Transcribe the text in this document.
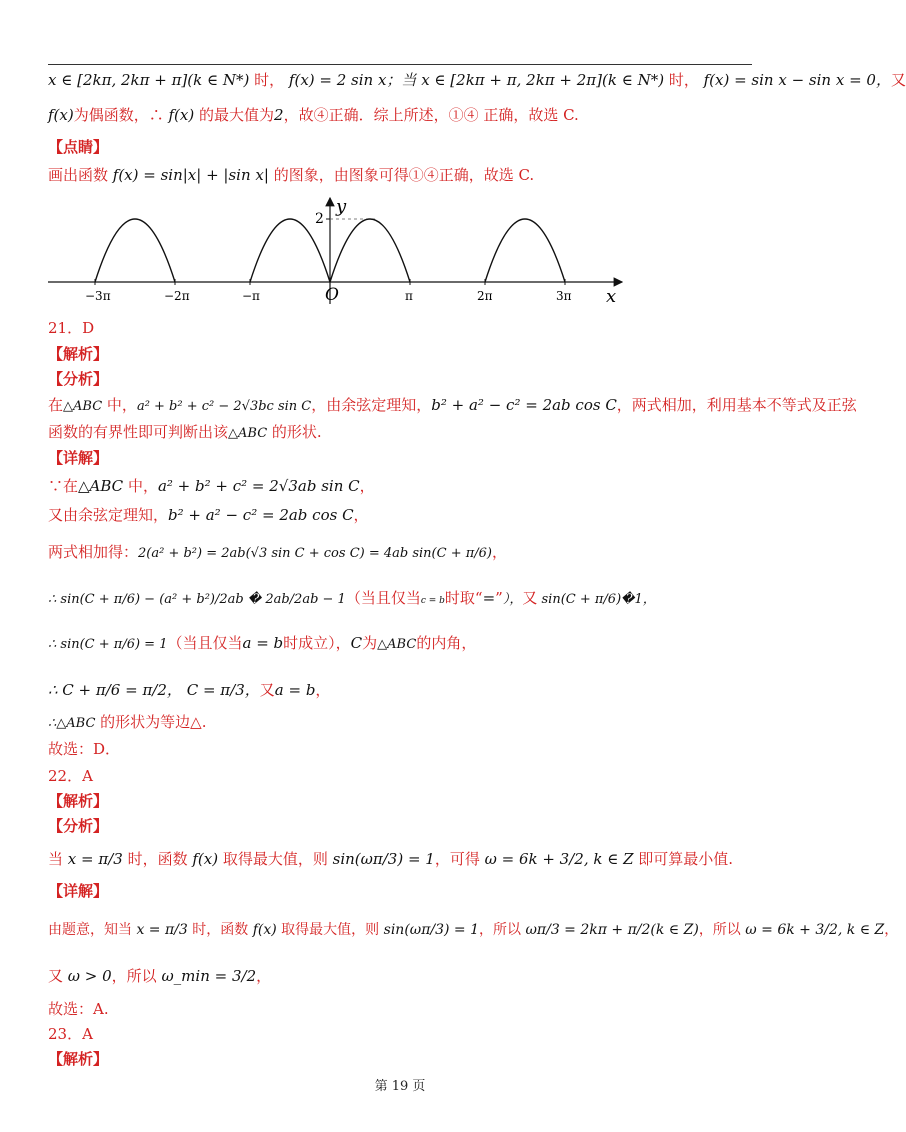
x ∈ [2kπ, 2kπ + π](k ∈ N*) 时， f(x) = 2 sin x；当 x ∈ [2kπ + π, 2kπ + 2π](k ∈ N*) 时， f(x) = sin x − sin x = 0，又
f(x)为偶函数，∴ f(x) 的最大值为2，故④正确．综上所述，①④ 正确，故选 C.
【点睛】
画出函数 f(x) = sin|x| + |sin x| 的图象，由图象可得①④正确，故选 C.
−3π	−2π	−π	π	2π	3π
2
x
y
O
21．D
【解析】
【分析】
在△ABC 中，a² + b² + c² − 2√3bc sin C，由余弦定理知，b² + a² − c² = 2ab cos C，两式相加，利用基本不等式及正弦
函数的有界性即可判断出该△ABC 的形状.
【详解】
∵在△ABC 中，a² + b² + c² = 2√3ab sin C，
又由余弦定理知，b² + a² − c² = 2ab cos C，
两式相加得：2(a² + b²) = 2ab(√3 sin C + cos C) = 4ab sin(C + π/6)，
∴ sin(C + π/6) − (a² + b²)/2ab � 2ab/2ab − 1（当且仅当c = b时取“=”），又 sin(C + π/6)�1，
∴ sin(C + π/6) = 1（当且仅当a = b时成立），C为△ABC的内角，
∴ C + π/6 = π/2， C = π/3，又a = b，
∴△ABC 的形状为等边△.
故选：D．
22．A
【解析】
【分析】
当 x = π/3 时，函数 f(x) 取得最大值，则 sin(ωπ/3) = 1，可得 ω = 6k + 3/2, k ∈ Z 即可算最小值.
【详解】
由题意，知当 x = π/3 时，函数 f(x) 取得最大值，则 sin(ωπ/3) = 1，所以 ωπ/3 = 2kπ + π/2(k ∈ Z)，所以 ω = 6k + 3/2, k ∈ Z，
又 ω > 0，所以 ω_min = 3/2，
故选：A.
23．A
【解析】
第 19 页
